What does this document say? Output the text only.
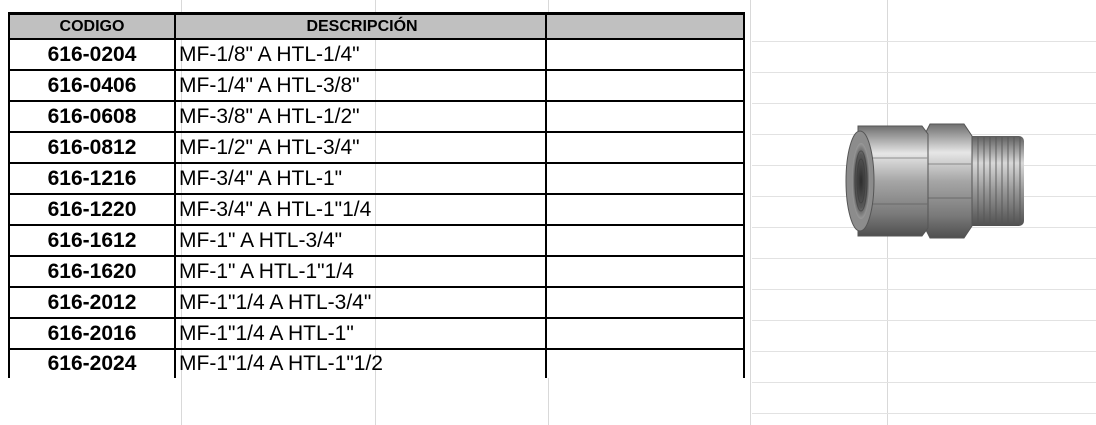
CODIGO	DESCRIPCIÓN	
616-0204	MF-1/8" A HTL-1/4"	
616-0406	MF-1/4" A HTL-3/8"	
616-0608	MF-3/8" A HTL-1/2"	
616-0812	MF-1/2" A HTL-3/4"	
616-1216	MF-3/4" A HTL-1"	
616-1220	MF-3/4" A HTL-1"1/4	
616-1612	MF-1" A HTL-3/4"	
616-1620	MF-1" A HTL-1"1/4	
616-2012	MF-1"1/4 A HTL-3/4"	
616-2016	MF-1"1/4 A HTL-1"	
616-2024	MF-1"1/4 A HTL-1"1/2	
